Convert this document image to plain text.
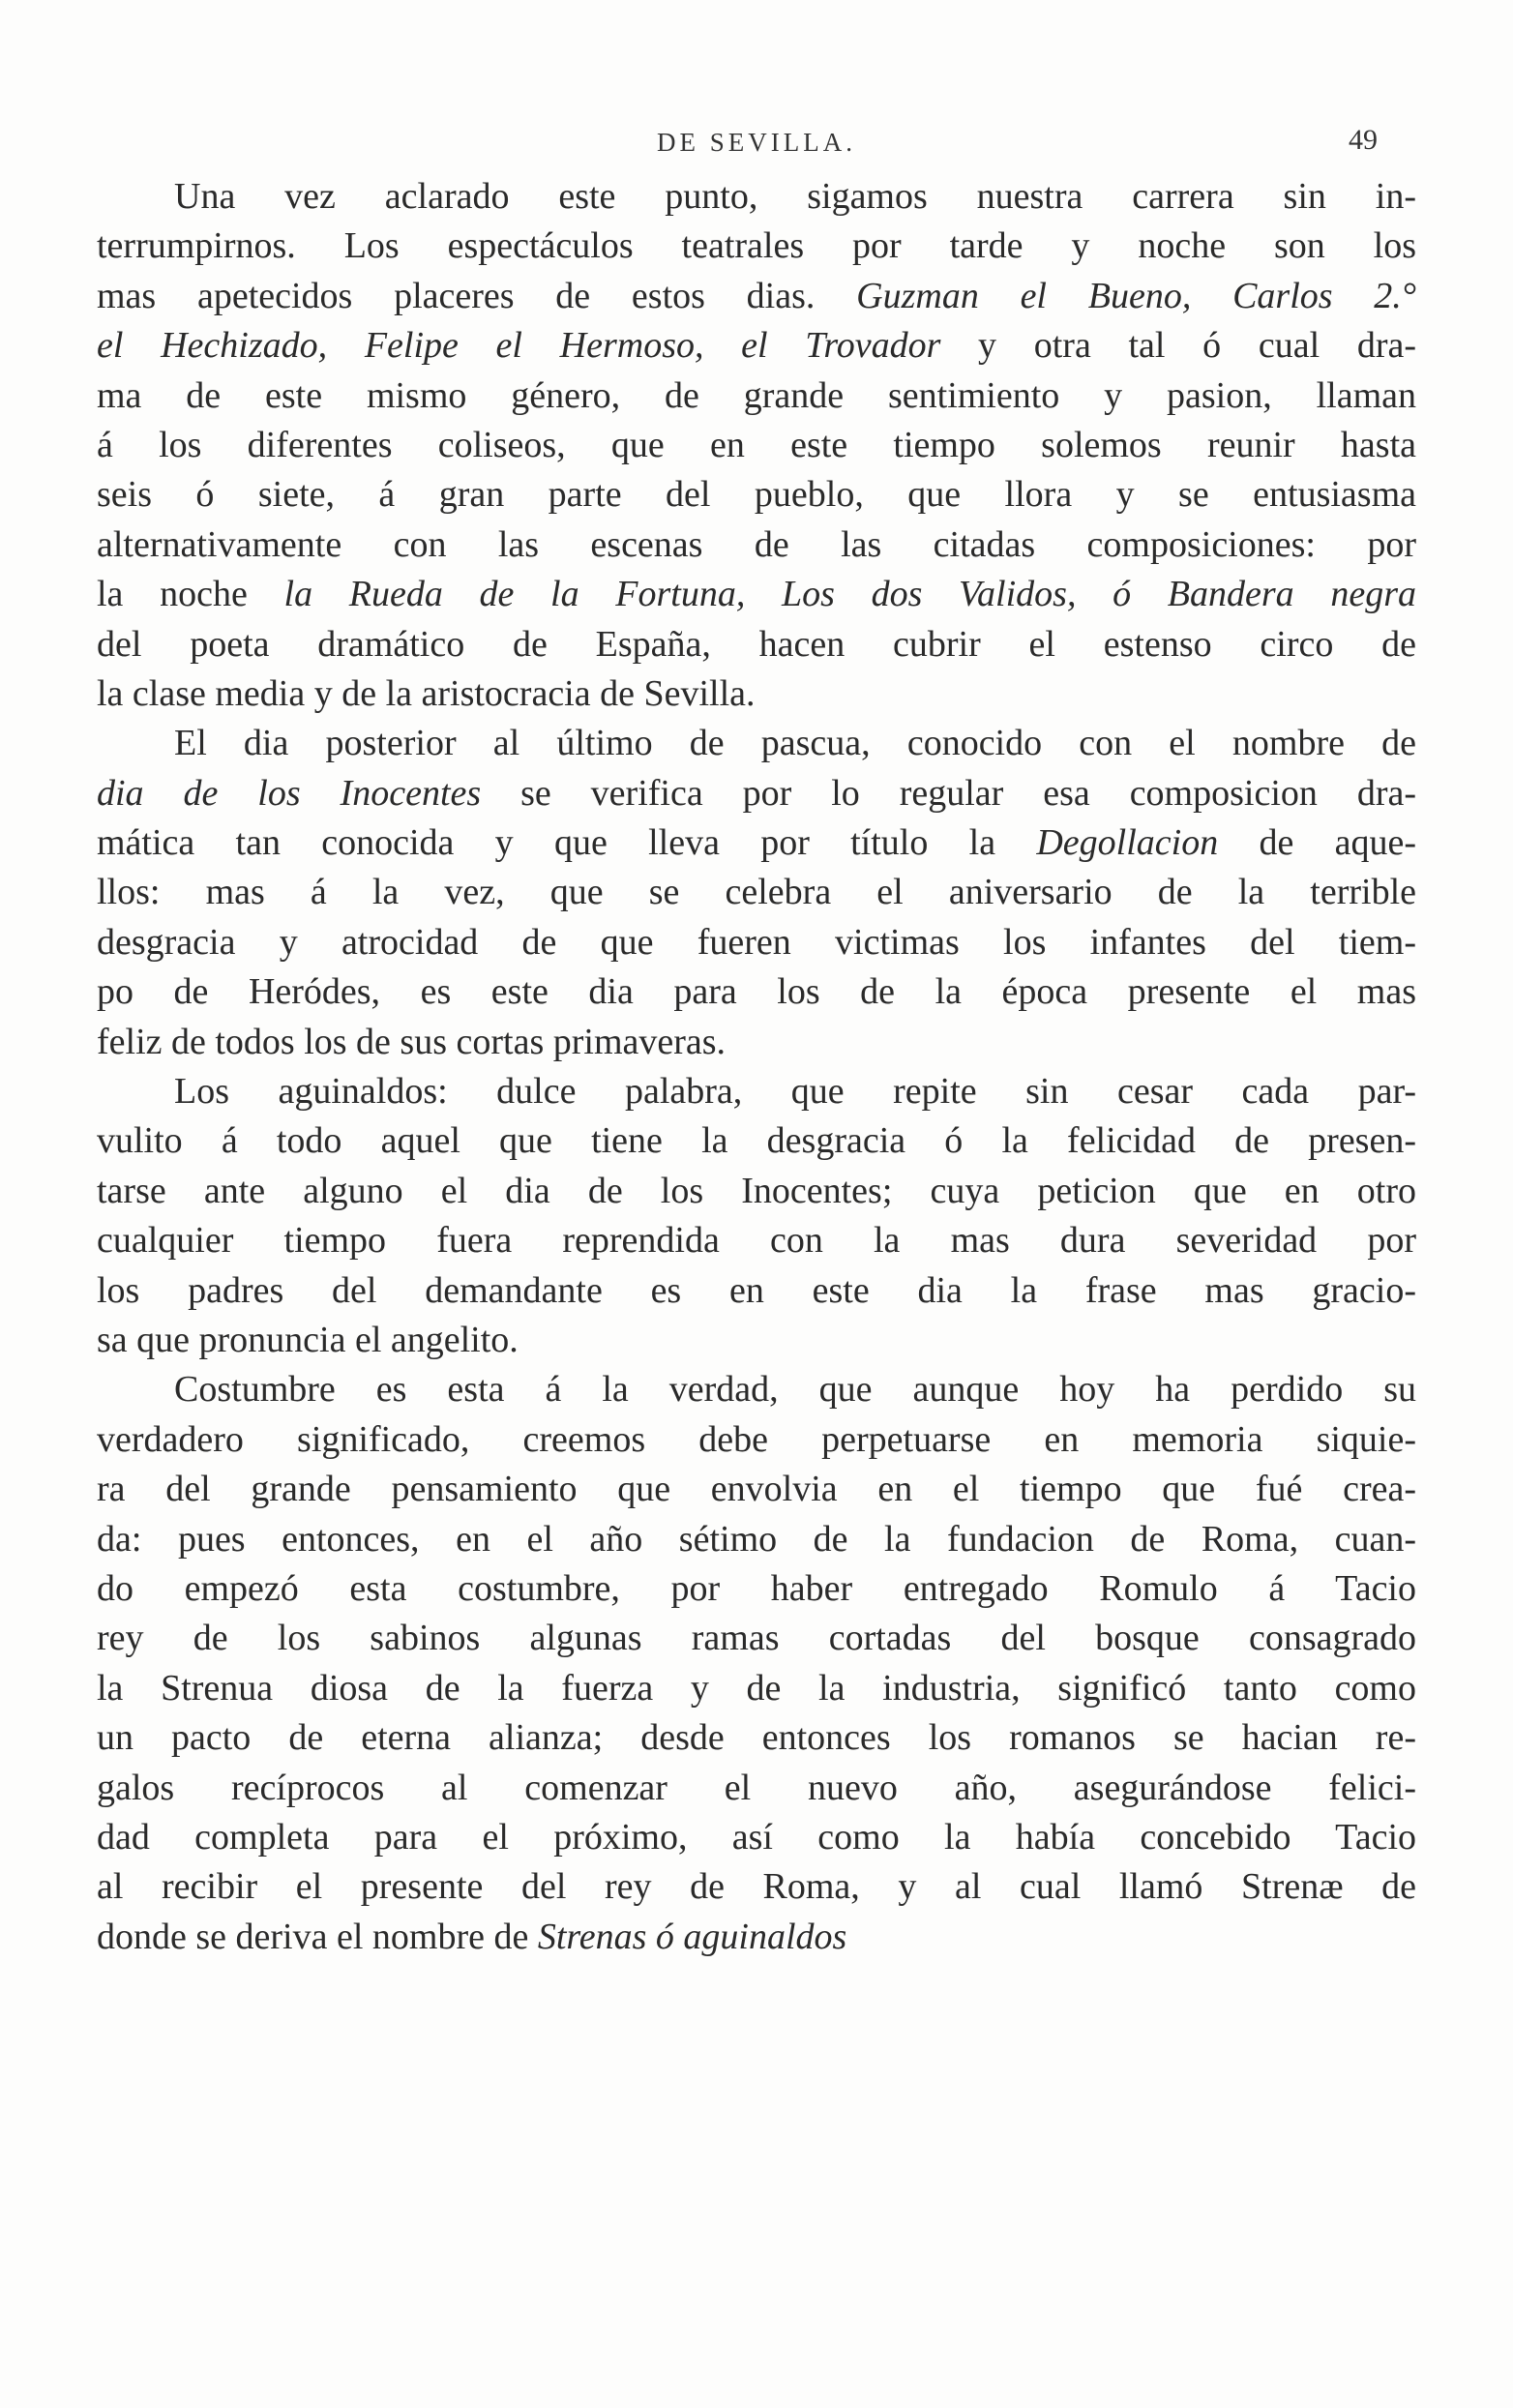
DE SEVILLA.	49
Una vez aclarado este punto, sigamos nuestra carrera sin in-
terrumpirnos. Los espectáculos teatrales por tarde y noche son los
mas apetecidos placeres de estos dias. Guzman el Bueno, Carlos 2.°
el Hechizado, Felipe el Hermoso, el Trovador y otra tal ó cual dra-
ma de este mismo género, de grande sentimiento y pasion, llaman
á los diferentes coliseos, que en este tiempo solemos reunir hasta
seis ó siete, á gran parte del pueblo, que llora y se entusiasma
alternativamente con las escenas de las citadas composiciones: por
la noche la Rueda de la Fortuna, Los dos Validos, ó Bandera negra
del poeta dramático de España, hacen cubrir el estenso circo de
la clase media y de la aristocracia de Sevilla.
El dia posterior al último de pascua, conocido con el nombre de
dia de los Inocentes se verifica por lo regular esa composicion dra-
mática tan conocida y que lleva por título la Degollacion de aque-
llos: mas á la vez, que se celebra el aniversario de la terrible
desgracia y atrocidad de que fueren victimas los infantes del tiem-
po de Heródes, es este dia para los de la época presente el mas
feliz de todos los de sus cortas primaveras.
Los aguinaldos: dulce palabra, que repite sin cesar cada par-
vulito á todo aquel que tiene la desgracia ó la felicidad de presen-
tarse ante alguno el dia de los Inocentes; cuya peticion que en otro
cualquier tiempo fuera reprendida con la mas dura severidad por
los padres del demandante es en este dia la frase mas gracio-
sa que pronuncia el angelito.
Costumbre es esta á la verdad, que aunque hoy ha perdido su
verdadero significado, creemos debe perpetuarse en memoria siquie-
ra del grande pensamiento que envolvia en el tiempo que fué crea-
da: pues entonces, en el año sétimo de la fundacion de Roma, cuan-
do empezó esta costumbre, por haber entregado Romulo á Tacio
rey de los sabinos algunas ramas cortadas del bosque consagrado
la Strenua diosa de la fuerza y de la industria, significó tanto como
un pacto de eterna alianza; desde entonces los romanos se hacian re-
galos recíprocos al comenzar el nuevo año, asegurándose felici-
dad completa para el próximo, así como la había concebido Tacio
al recibir el presente del rey de Roma, y al cual llamó Strenæ de
donde se deriva el nombre de Strenas ó aguinaldos
